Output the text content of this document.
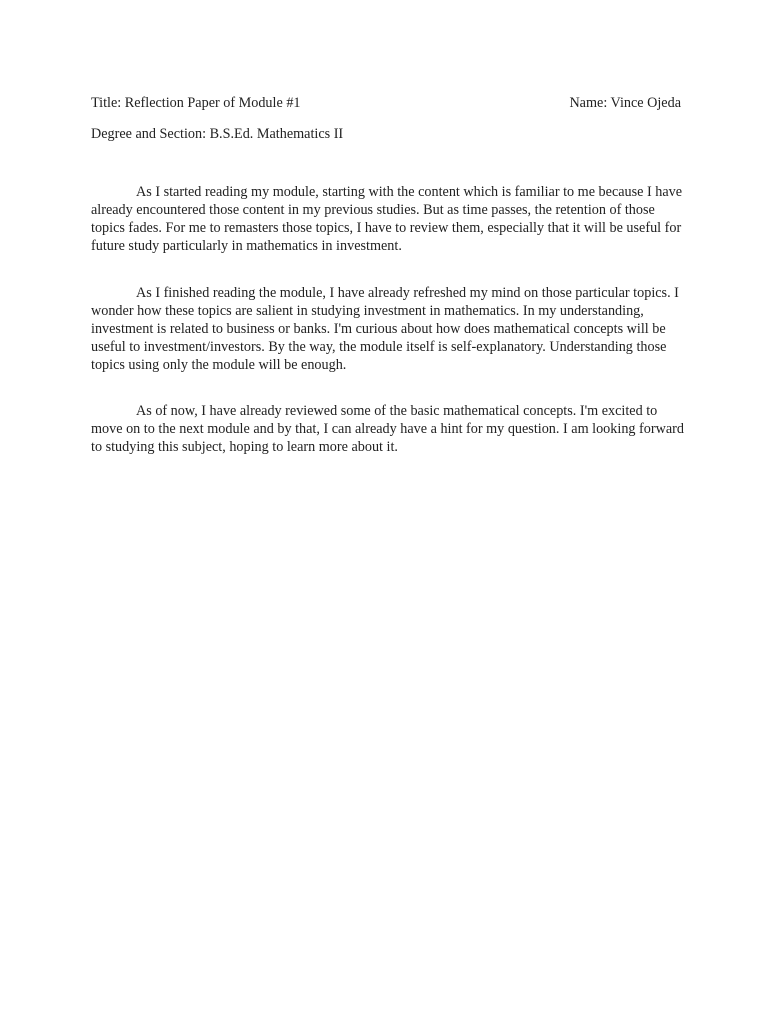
Title: Reflection Paper of Module #1	Name: Vince Ojeda
Degree and Section: B.S.Ed. Mathematics II

As I started reading my module, starting with the content which is familiar to me because I have already encountered those content in my previous studies. But as time passes, the retention of those topics fades. For me to remasters those topics, I have to review them, especially that it will be useful for future study particularly in mathematics in investment.

As I finished reading the module, I have already refreshed my mind on those particular topics. I wonder how these topics are salient in studying investment in mathematics. In my understanding, investment is related to business or banks. I'm curious about how does mathematical concepts will be useful to investment/investors. By the way, the module itself is self-explanatory. Understanding those topics using only the module will be enough.

As of now, I have already reviewed some of the basic mathematical concepts. I'm excited to move on to the next module and by that, I can already have a hint for my question. I am looking forward to studying this subject, hoping to learn more about it.
